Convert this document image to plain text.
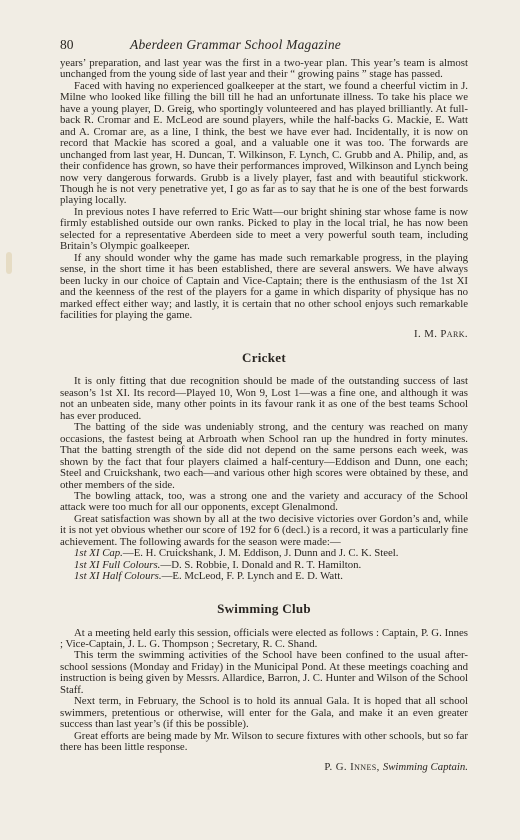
80	Aberdeen Grammar School Magazine

years’ preparation, and last year was the first in a two-year plan. This year’s team is almost unchanged from the young side of last year and their “ growing pains ” stage has passed.

Faced with having no experienced goalkeeper at the start, we found a cheerful victim in J. Milne who looked like filling the bill till he had an unfortunate illness. To take his place we have a young player, D. Greig, who sportingly volunteered and has played brilliantly. At full-back R. Cromar and E. McLeod are sound players, while the half-backs G. Mackie, E. Watt and A. Cromar are, as a line, I think, the best we have ever had. Incidentally, it is now on record that Mackie has scored a goal, and a valuable one it was too. The forwards are unchanged from last year, H. Duncan, T. Wilkinson, F. Lynch, C. Grubb and A. Philip, and, as their confidence has grown, so have their performances improved, Wilkinson and Lynch being now very dangerous forwards. Grubb is a lively player, fast and with beautiful stickwork. Though he is not very penetrative yet, I go as far as to say that he is one of the best forwards playing locally.

In previous notes I have referred to Eric Watt—our bright shining star whose fame is now firmly established outside our own ranks. Picked to play in the local trial, he has now been selected for a representative Aberdeen side to meet a very powerful south team, including Britain’s Olympic goalkeeper.

If any should wonder why the game has made such remarkable progress, in the playing sense, in the short time it has been established, there are several answers. We have always been lucky in our choice of Captain and Vice-Captain; there is the enthusiasm of the 1st XI and the keenness of the rest of the players for a game in which disparity of physique has no marked effect either way; and lastly, it is certain that no other school enjoys such remarkable facilities for playing the game.

I. M. Park.
Cricket

It is only fitting that due recognition should be made of the outstanding success of last season’s 1st XI. Its record—Played 10, Won 9, Lost 1—was a fine one, and although it was not an unbeaten side, many other points in its favour rank it as one of the best teams School has ever produced.

The batting of the side was undeniably strong, and the century was reached on many occasions, the fastest being at Arbroath when School ran up the hundred in forty minutes. That the batting strength of the side did not depend on the same persons each week, was shown by the fact that four players claimed a half-century—Eddison and Dunn, one each; Steel and Cruickshank, two each—and various other high scores were obtained by these, and other members of the side.

The bowling attack, too, was a strong one and the variety and accuracy of the School attack were too much for all our opponents, except Glenalmond.

Great satisfaction was shown by all at the two decisive victories over Gordon’s and, while it is not yet obvious whether our score of 192 for 6 (decl.) is a record, it was a particularly fine achievement. The following awards for the season were made:—

1st XI Cap.—E. H. Cruickshank, J. M. Eddison, J. Dunn and J. C. K. Steel.

1st XI Full Colours.—D. S. Robbie, I. Donald and R. T. Hamilton.

1st XI Half Colours.—E. McLeod, F. P. Lynch and E. D. Watt.

Swimming Club

At a meeting held early this session, officials were elected as follows : Captain, P. G. Innes ; Vice-Captain, J. L. G. Thompson ; Secretary, R. C. Shand.

This term the swimming activities of the School have been confined to the usual after-school sessions (Monday and Friday) in the Municipal Pond. At these meetings coaching and instruction is being given by Messrs. Allardice, Barron, J. C. Hunter and Wilson of the School Staff.

Next term, in February, the School is to hold its annual Gala. It is hoped that all school swimmers, pretentious or otherwise, will enter for the Gala, and make it an even greater success than last year’s (if this be possible).

Great efforts are being made by Mr. Wilson to secure fixtures with other schools, but so far there has been little response.

P. G. Innes, Swimming Captain.
